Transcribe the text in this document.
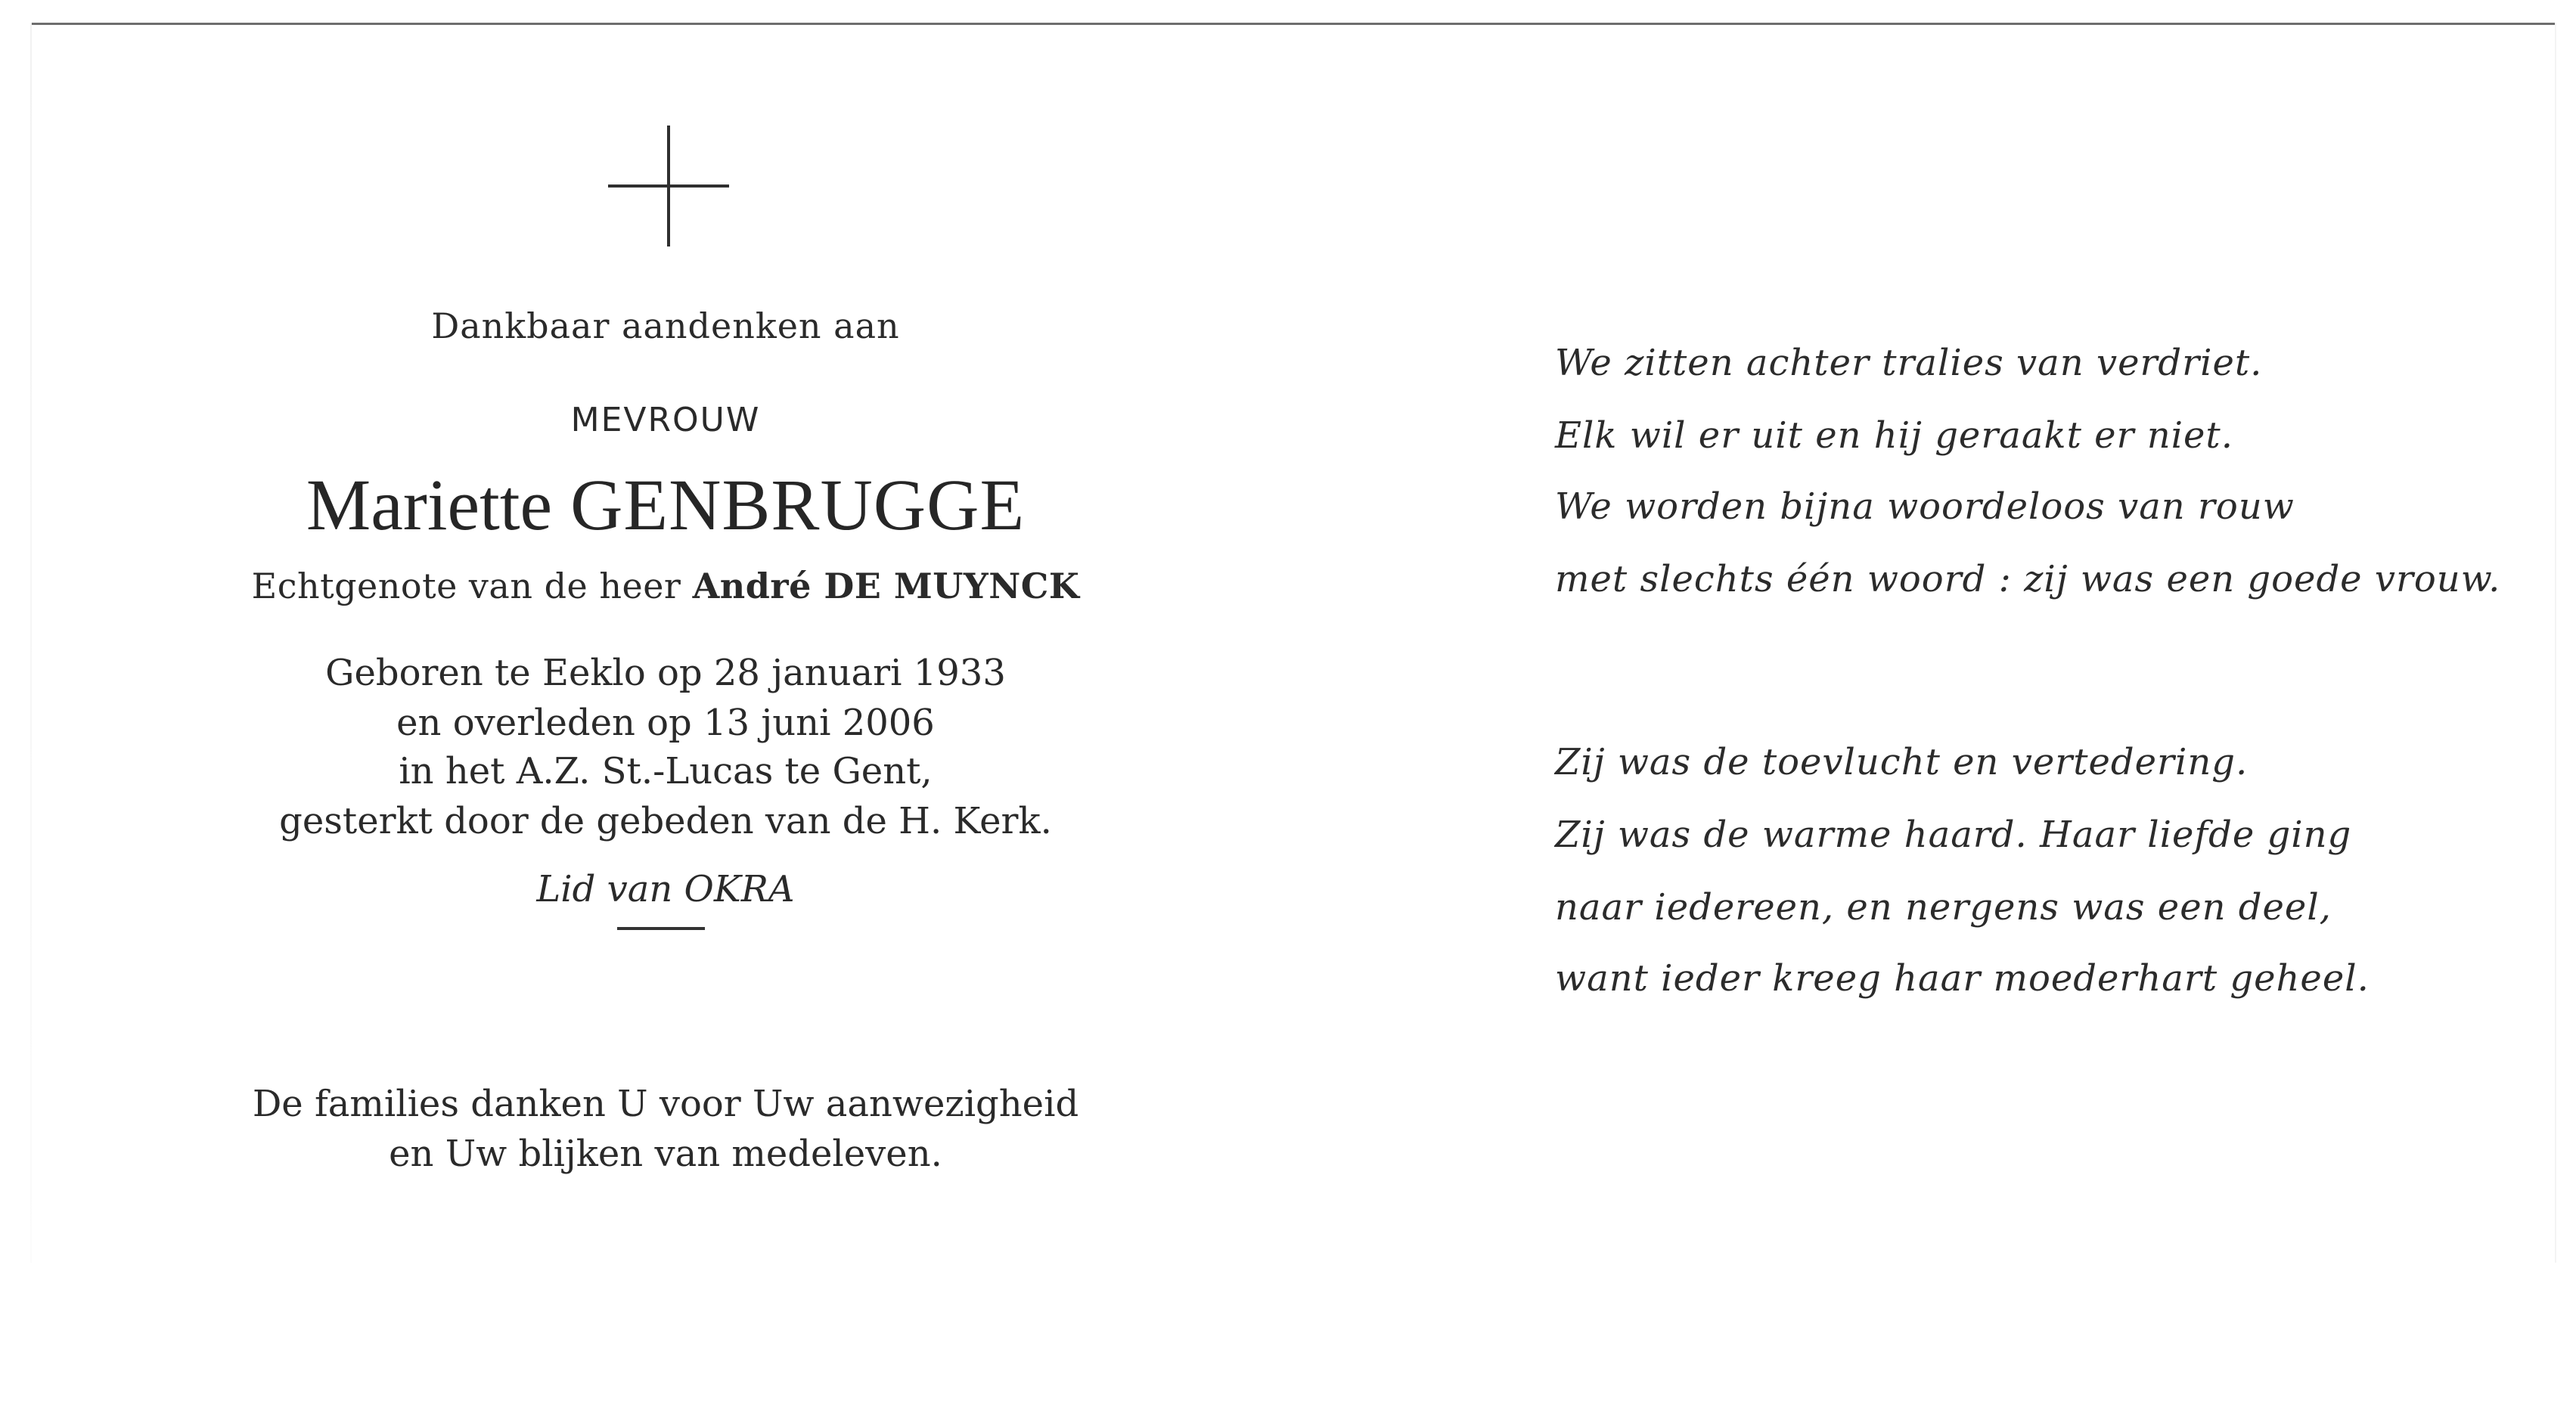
Dankbaar aandenken aan
MEVROUW
Mariette GENBRUGGE
Echtgenote van de heer André DE MUYNCK
Geboren te Eeklo op 28 januari 1933
en overleden op 13 juni 2006
in het A.Z. St.-Lucas te Gent,
gesterkt door de gebeden van de H. Kerk.
Lid van OKRA
De families danken U voor Uw aanwezigheid
en Uw blijken van medeleven.
We zitten achter tralies van verdriet.
Elk wil er uit en hij geraakt er niet.
We worden bijna woordeloos van rouw
met slechts één woord : zij was een goede vrouw.
Zij was de toevlucht en vertedering.
Zij was de warme haard. Haar liefde ging
naar iedereen, en nergens was een deel,
want ieder kreeg haar moederhart geheel.
